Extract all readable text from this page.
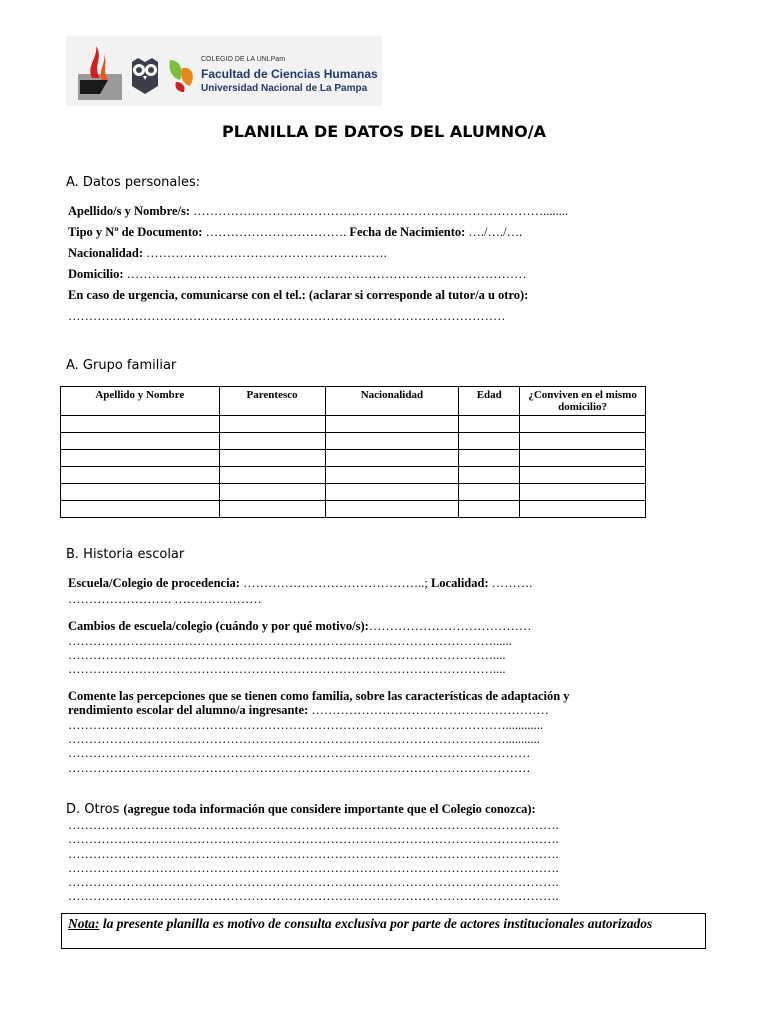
COLEGIO DE LA UNLPam
Facultad de Ciencias Humanas
Universidad Nacional de La Pampa
PLANILLA DE DATOS DEL ALUMNO/A
A. Datos personales:
Apellido/s y Nombre/s: …………………………………………………………………………........
Tipo y Nº de Documento: ……………………………. Fecha de Nacimiento: …./…./….
Nacionalidad: ………………………………………………….
Domicilio: ……………………………………………………………………………………
En caso de urgencia, comunicarse con el tel.: (aclarar si corresponde al tutor/a u otro):
……………………………………………………………………………………………
A. Grupo familiar
Apellido y Nombre	Parentesco	Nacionalidad	Edad	¿Conviven en el mismo domicilio?

B. Historia escolar
Escuela/Colegio de procedencia: ……………………………………..; Localidad: ……….
……………………. …………………
Cambios de escuela/colegio (cuándo y por qué motivo/s):…………………………………
…………………………………………………………………………………………......
…………………………………………………………………………………………....
…………………………………………………………………………………………....
Comente las percepciones que se tienen como familia, sobre las características de adaptación y
rendimiento escolar del alumno/a ingresante: …………………………………………………
……………………………………………………………………………………………............
……………………………………………………………………………………………...........
…………………………………………………………………………………………………
…………………………………………………………………………………………………
D. Otros (agregue toda información que considere importante que el Colegio conozca):
……………………………………………………………………………………………………….
……………………………………………………………………………………………………….
……………………………………………………………………………………………………….
……………………………………………………………………………………………………….
……………………………………………………………………………………………………….
……………………………………………………………………………………………………….
Nota: la presente planilla es motivo de consulta exclusiva por parte de actores institucionales autorizados
